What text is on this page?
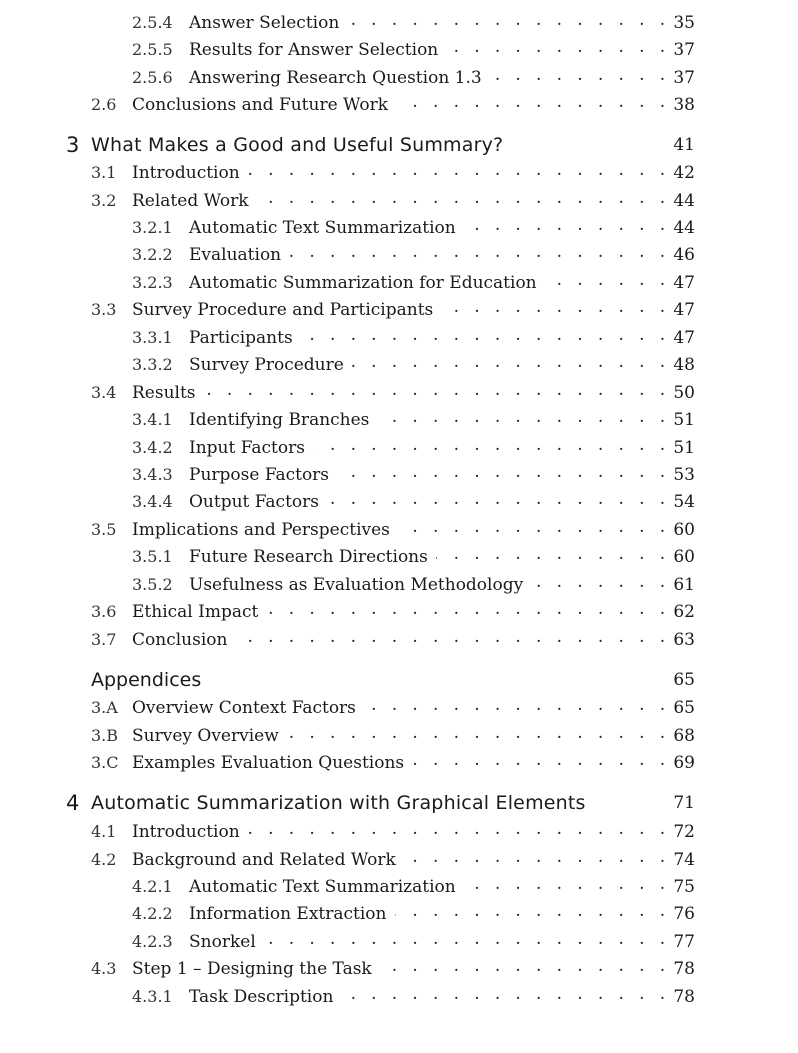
2.5.4 Answer Selection . . .	35
2.5.5 Results for Answer Selection . . .	37
2.5.6 Answering Research Question 1.3 . . .	37
2.6 Conclusions and Future Work . . .	38
3 What Makes a Good and Useful Summary?	41
3.1 Introduction . . .	42
3.2 Related Work . . .	44
3.2.1 Automatic Text Summarization . . .	44
3.2.2 Evaluation . . .	46
3.2.3 Automatic Summarization for Education . . .	47
3.3 Survey Procedure and Participants . . .	47
3.3.1 Participants . . .	47
3.3.2 Survey Procedure . . .	48
3.4 Results . . .	50
3.4.1 Identifying Branches . . .	51
3.4.2 Input Factors . . .	51
3.4.3 Purpose Factors . . .	53
3.4.4 Output Factors . . .	54
3.5 Implications and Perspectives . . .	60
3.5.1 Future Research Directions . . .	60
3.5.2 Usefulness as Evaluation Methodology . . .	61
3.6 Ethical Impact . . .	62
3.7 Conclusion . . .	63
Appendices	65
3.A Overview Context Factors . . .	65
3.B Survey Overview . . .	68
3.C Examples Evaluation Questions . . .	69
4 Automatic Summarization with Graphical Elements	71
4.1 Introduction . . .	72
4.2 Background and Related Work . . .	74
4.2.1 Automatic Text Summarization . . .	75
4.2.2 Information Extraction . . .	76
4.2.3 Snorkel . . .	77
4.3 Step 1 – Designing the Task . . .	78
4.3.1 Task Description . . .	78
